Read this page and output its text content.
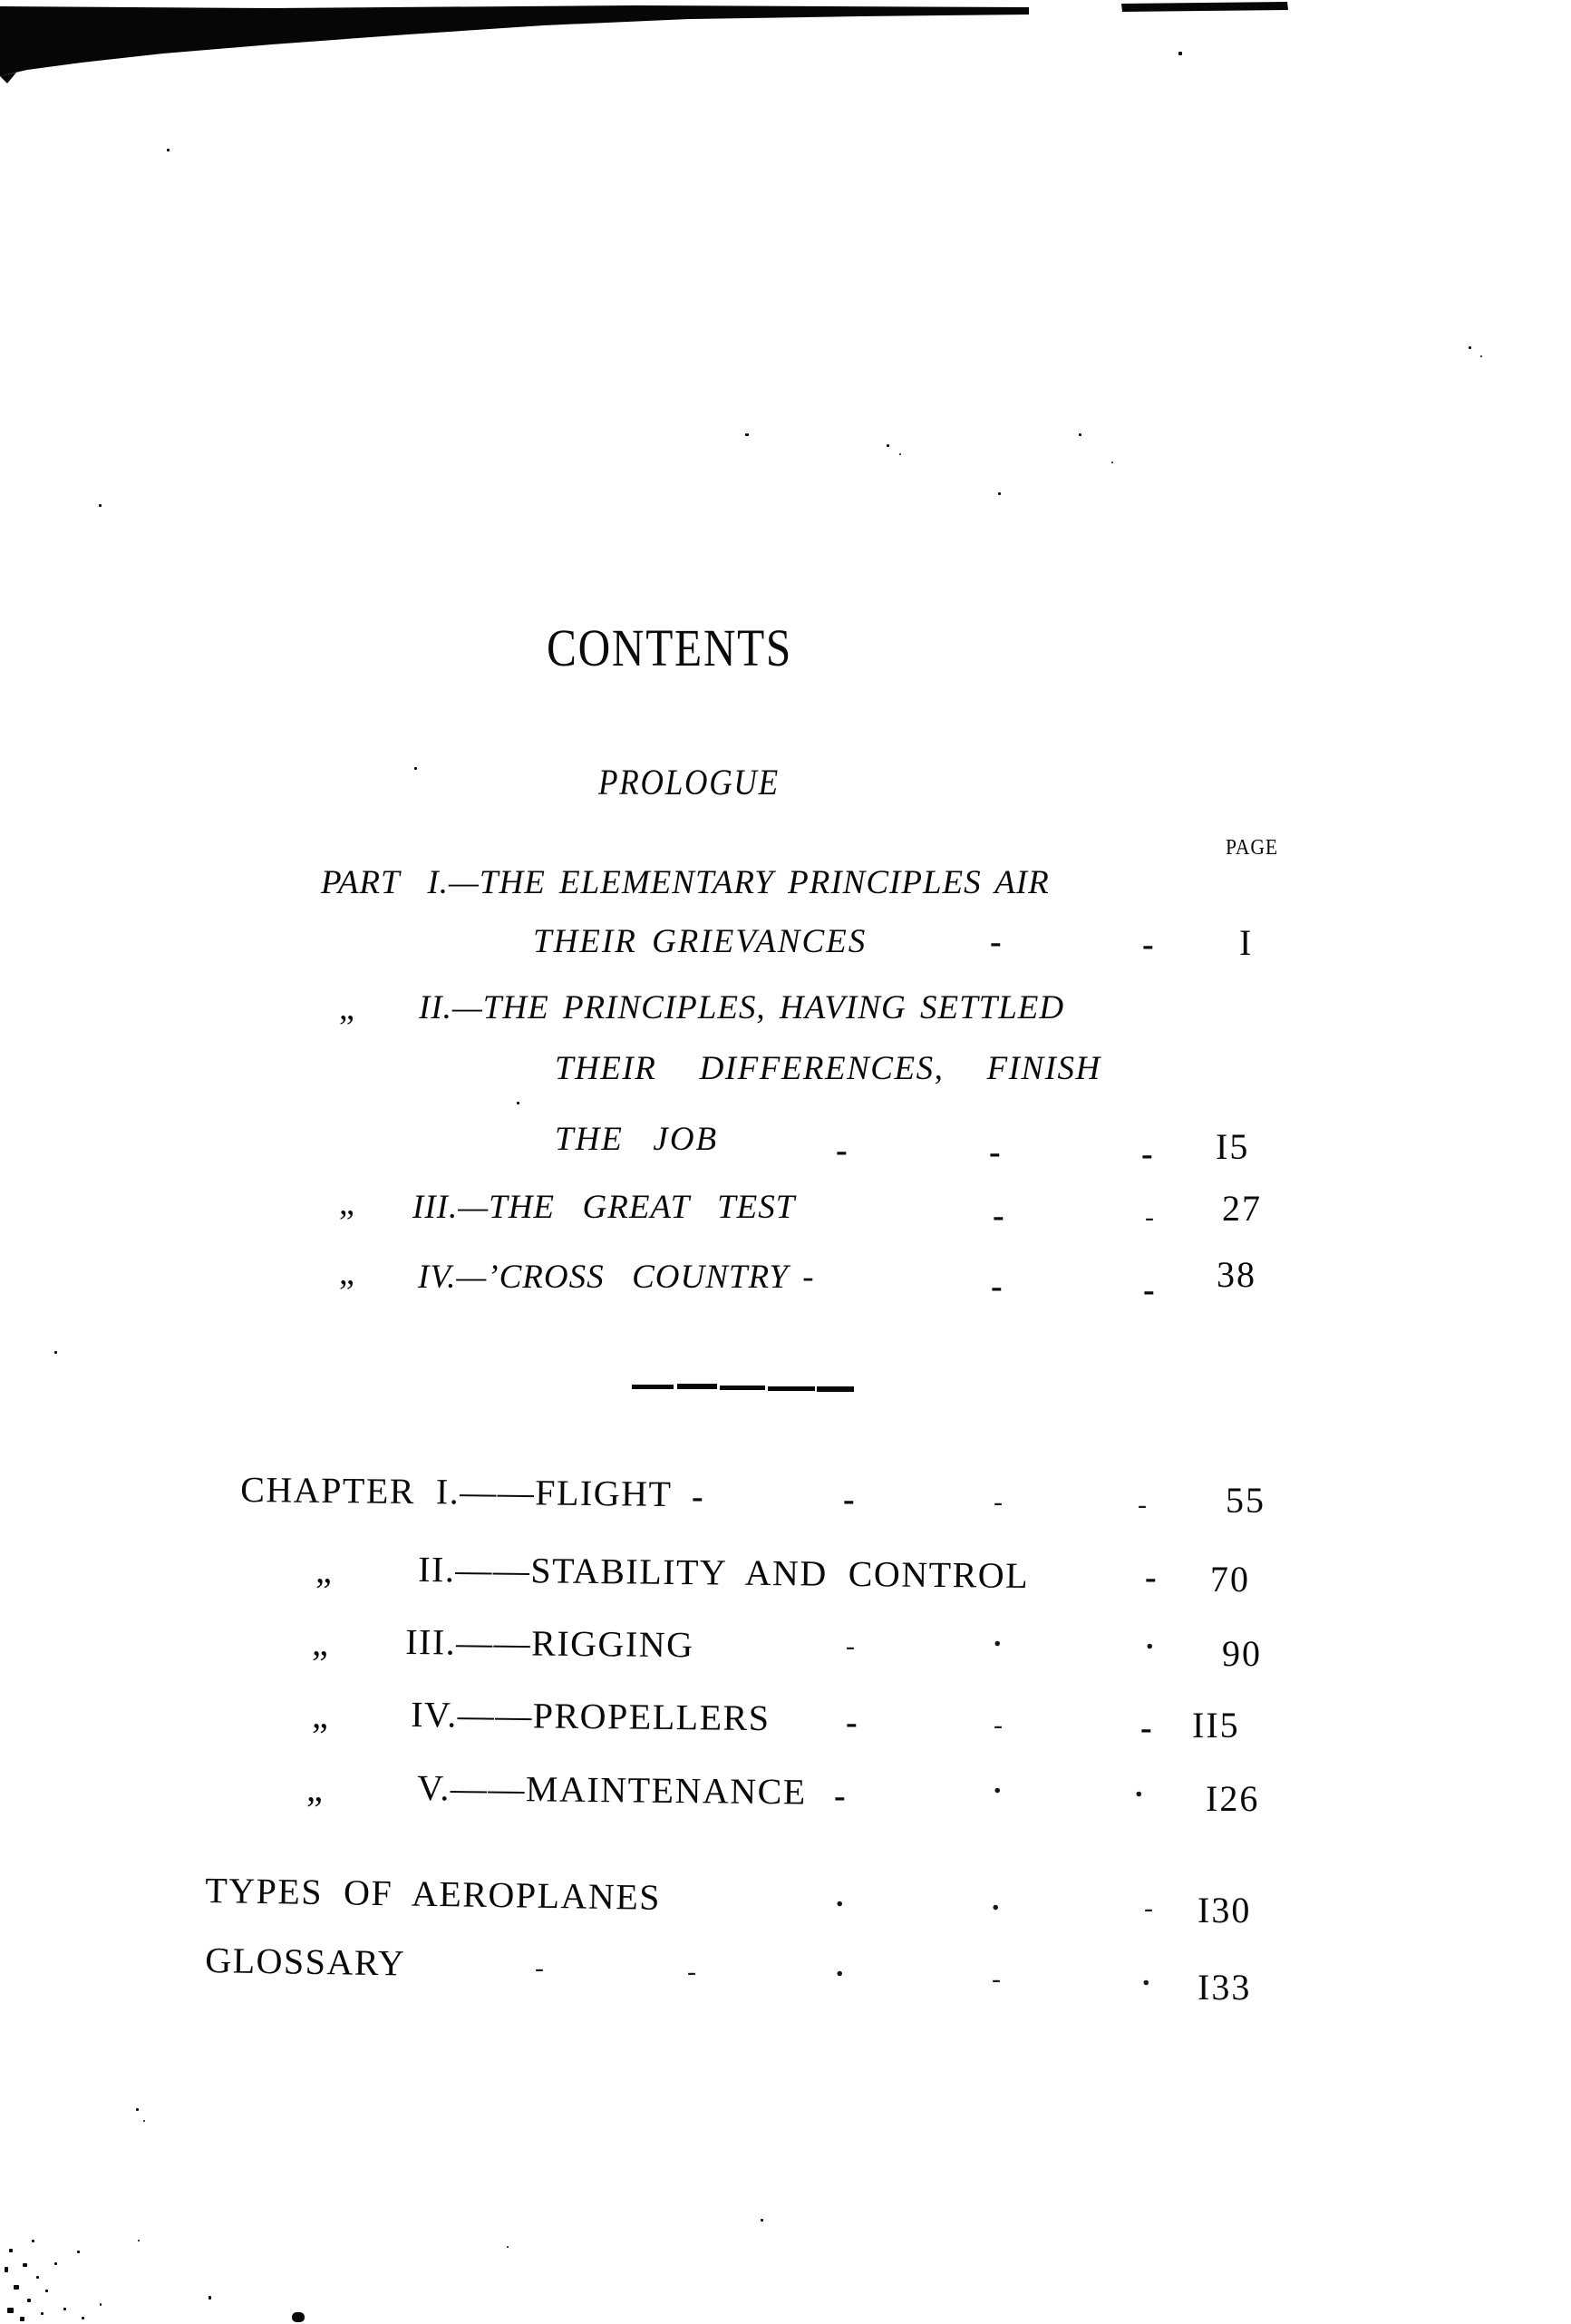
CONTENTS
PROLOGUE
PAGE
PART  I.—THE ELEMENTARY PRINCIPLES AIR
THEIR GRIEVANCES	-	- I
„ II.—THE PRINCIPLES, HAVING SETTLED
THEIR   DIFFERENCES,   FINISH
THE  JOB	-	-	- I5
„ III.—THE  GREAT  TEST	-	- 27
„ IV.—’CROSS  COUNTRY -	-	- 38
CHAPTER  I.——FLIGHT -	-	-	- 55
„ II.——STABILITY  AND  CONTROL	- 70
„ III.——RIGGING	-	.	. 90
„ IV.——PROPELLERS -	-	- II5
„	V.——MAINTENANCE -	.	. I26
TYPES  OF  AEROPLANES	.	.	- I30
GLOSSARY	-	-	.	-	. I33
